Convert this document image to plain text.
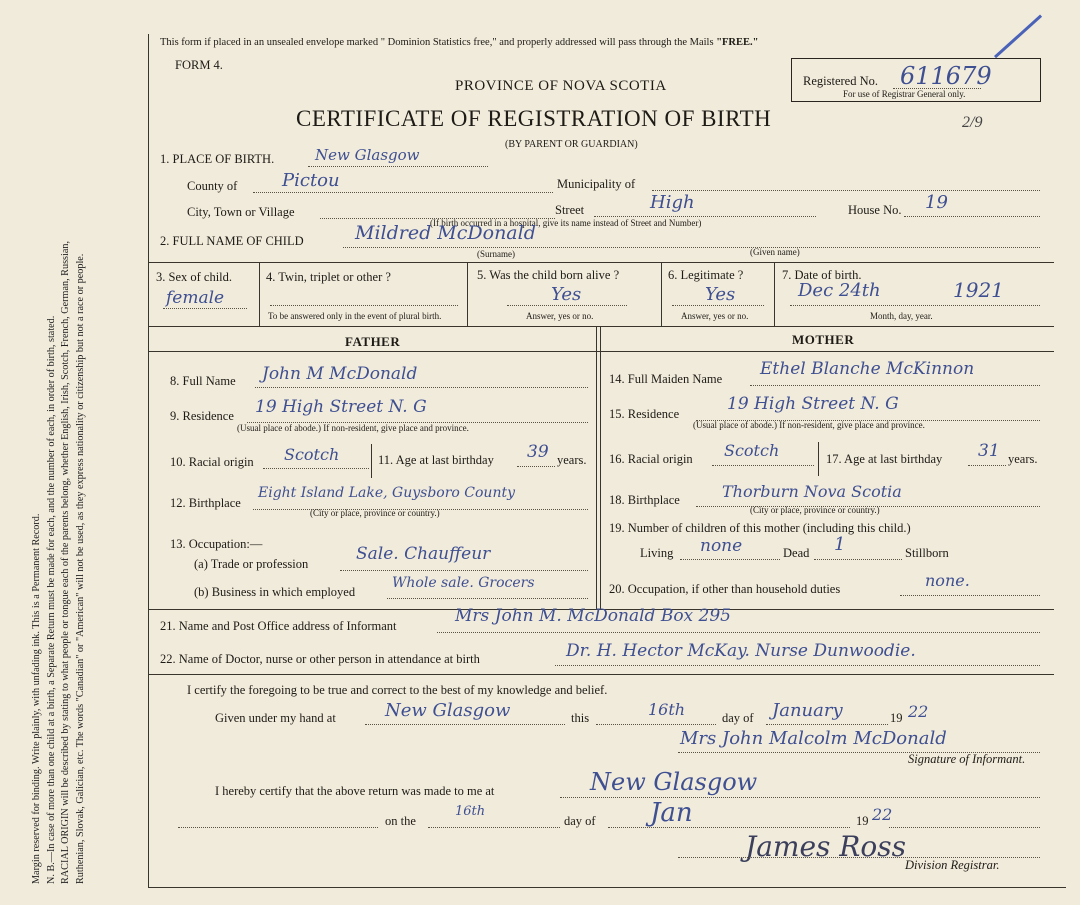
Margin reserved for binding. Write plainly, with unfading ink. This is a Permanent Record. N. B.—In case of more than one child at a birth, a Separate Return must be made for each, and the number of each, in order of birth, stated. RACIAL ORIGIN will be described by stating to what people or tongue each of the parents belong, whether English, Irish, Scotch, French, German, Russian, Ruthenian, Slovak, Galician, etc. The words "Canadian" or "American" will not be used, as they express nationality or citizenship but not a race or people.
This form if placed in an unsealed envelope marked " Dominion Statistics free," and properly addressed will pass through the Mails "FREE."
FORM 4.
PROVINCE OF NOVA SCOTIA
CERTIFICATE OF REGISTRATION OF BIRTH
(BY PARENT OR GUARDIAN)
Registered No. 611679
For use of Registrar General only.
2/9
1. PLACE OF BIRTH.	New Glasgow
County of Pictou	Municipality of
City, Town or Village	Street	High	House No. 19
(If birth occurred in a hospital, give its name instead of Street and Number)
2. FULL NAME OF CHILD	Mildred McDonald
(Surname)	(Given name)
3. Sex of child.
female
4. Twin, triplet or other ?
To be answered only in the event of plural birth.
5. Was the child born alive ?
Yes
Answer, yes or no.
6. Legitimate ?
Yes
Answer, yes or no.
7. Date of birth.
Dec 24th	1921
Month, day, year.
FATHER	MOTHER
8. Full Name John M McDonald
9. Residence 19 High Street N. G
(Usual place of abode.) If non-resident, give place and province.
10. Racial origin Scotch	11. Age at last birthday 39 years.
12. Birthplace
Eight Island Lake, Guysboro County
(City or place, province or country.)
13. Occupation:—
(a) Trade or profession	Sale. Chauffeur
(b) Business in which employed
Whole sale. Grocers
14. Full Maiden Name Ethel Blanche McKinnon
15. Residence	19 High Street N. G
(Usual place of abode.) If non-resident, give place and province.
16. Racial origin Scotch	17. Age at last birthday 31 years.
18. Birthplace	Thorburn Nova Scotia
(City or place, province or country.)
19. Number of children of this mother (including this child.)
Living none	Dead 1	Stillborn
20. Occupation, if other than household duties	none.
21. Name and Post Office address of Informant	Mrs John M. McDonald Box 295
22. Name of Doctor, nurse or other person in attendance at birth	Dr. H. Hector McKay. Nurse Dunwoodie.
I certify the foregoing to be true and correct to the best of my knowledge and belief.
Given under my hand at	New Glasgow	this	16th	day of January	19 22
Mrs John Malcolm McDonald
Signature of Informant.
I hereby certify that the above return was made to me at	New Glasgow
on the
16th
day of Jan	19 22
James Ross
Division Registrar.
